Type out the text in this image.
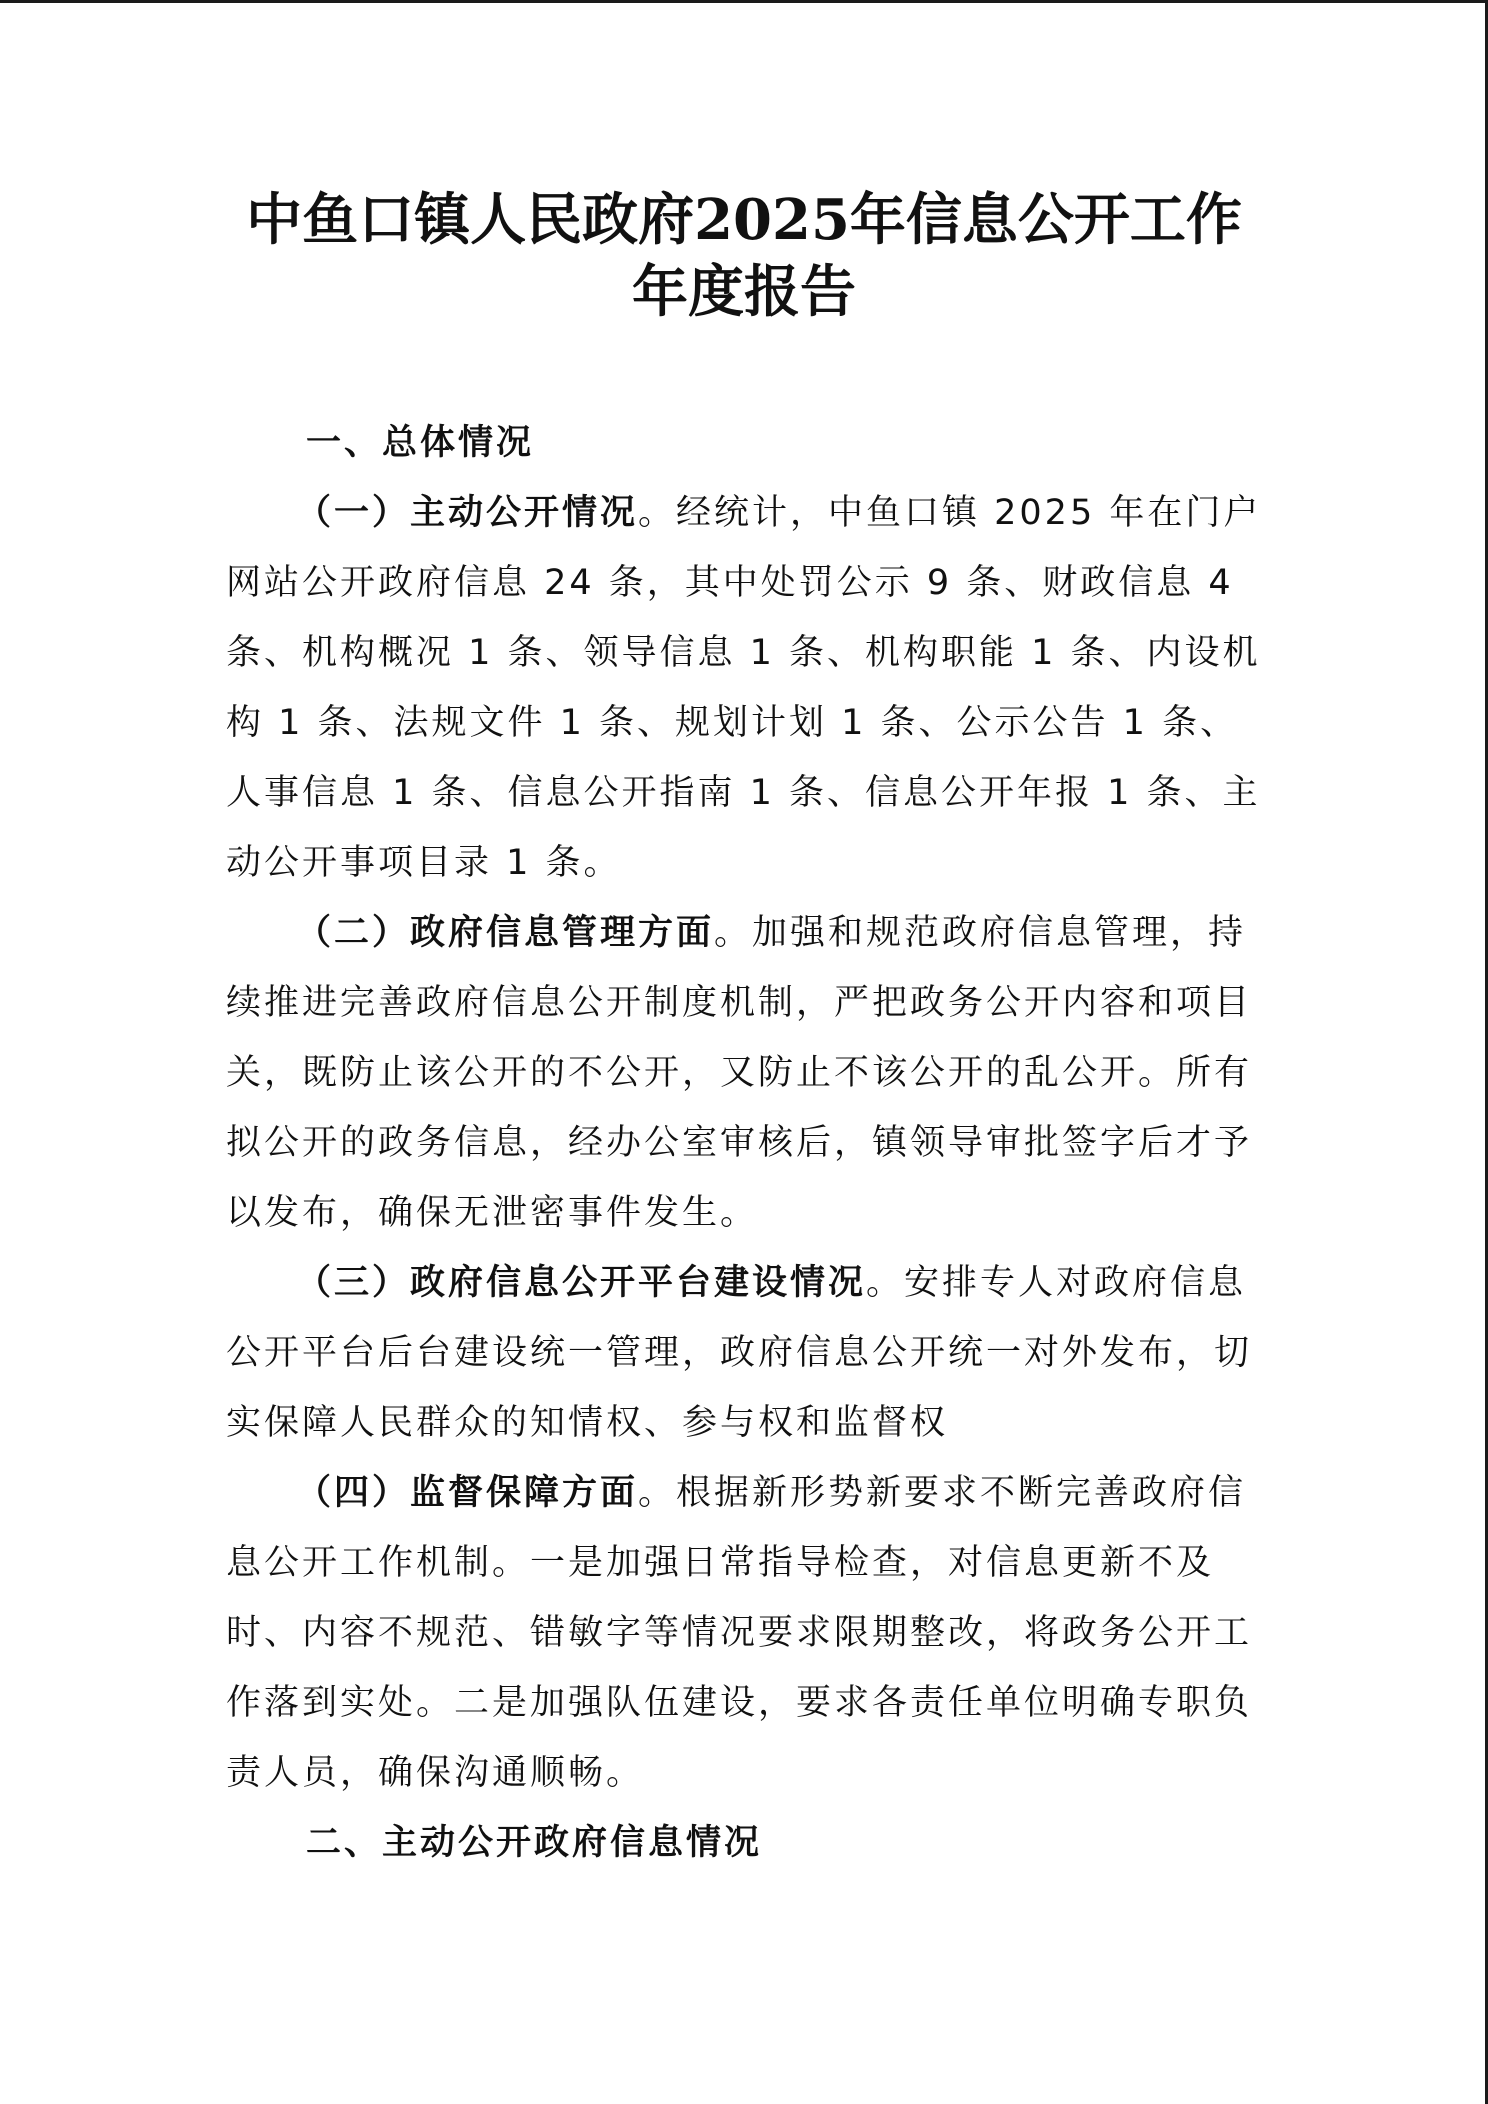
中鱼口镇人民政府2025年信息公开工作
年度报告
一、总体情况

（一）主动公开情况。经统计，中鱼口镇 2025 年在门户网站公开政府信息 24 条，其中处罚公示 9 条、财政信息 4 条、机构概况 1 条、领导信息 1 条、机构职能 1 条、内设机构 1 条、法规文件 1 条、规划计划 1 条、公示公告 1 条、人事信息 1 条、信息公开指南 1 条、信息公开年报 1 条、主动公开事项目录 1 条。

（二）政府信息管理方面。加强和规范政府信息管理，持续推进完善政府信息公开制度机制，严把政务公开内容和项目关，既防止该公开的不公开，又防止不该公开的乱公开。所有拟公开的政务信息，经办公室审核后，镇领导审批签字后才予以发布，确保无泄密事件发生。

（三）政府信息公开平台建设情况。安排专人对政府信息公开平台后台建设统一管理，政府信息公开统一对外发布，切实保障人民群众的知情权、参与权和监督权

（四）监督保障方面。根据新形势新要求不断完善政府信息公开工作机制。一是加强日常指导检查，对信息更新不及时、内容不规范、错敏字等情况要求限期整改，将政务公开工作落到实处。二是加强队伍建设，要求各责任单位明确专职负责人员，确保沟通顺畅。

二、主动公开政府信息情况
